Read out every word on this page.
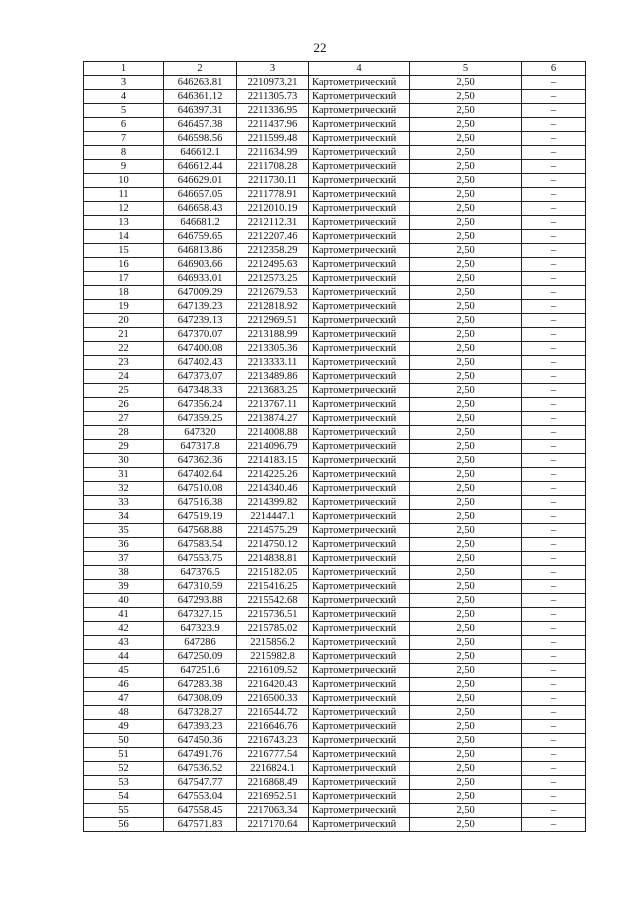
22
1	2	3	4	5	6
3	646263.81	2210973.21	Картометрический	2,50	–
4	646361.12	2211305.73	Картометрический	2,50	–
5	646397.31	2211336.95	Картометрический	2,50	–
6	646457.38	2211437.96	Картометрический	2,50	–
7	646598.56	2211599.48	Картометрический	2,50	–
8	646612.1	2211634.99	Картометрический	2,50	–
9	646612.44	2211708.28	Картометрический	2,50	–
10	646629.01	2211730.11	Картометрический	2,50	–
11	646657.05	2211778.91	Картометрический	2,50	–
12	646658.43	2212010.19	Картометрический	2,50	–
13	646681.2	2212112.31	Картометрический	2,50	–
14	646759.65	2212207.46	Картометрический	2,50	–
15	646813.86	2212358.29	Картометрический	2,50	–
16	646903.66	2212495.63	Картометрический	2,50	–
17	646933.01	2212573.25	Картометрический	2,50	–
18	647009.29	2212679.53	Картометрический	2,50	–
19	647139.23	2212818.92	Картометрический	2,50	–
20	647239.13	2212969.51	Картометрический	2,50	–
21	647370.07	2213188.99	Картометрический	2,50	–
22	647400.08	2213305.36	Картометрический	2,50	–
23	647402.43	2213333.11	Картометрический	2,50	–
24	647373.07	2213489.86	Картометрический	2,50	–
25	647348.33	2213683.25	Картометрический	2,50	–
26	647356.24	2213767.11	Картометрический	2,50	–
27	647359.25	2213874.27	Картометрический	2,50	–
28	647320	2214008.88	Картометрический	2,50	–
29	647317.8	2214096.79	Картометрический	2,50	–
30	647362.36	2214183.15	Картометрический	2,50	–
31	647402.64	2214225.26	Картометрический	2,50	–
32	647510.08	2214340.46	Картометрический	2,50	–
33	647516.38	2214399.82	Картометрический	2,50	–
34	647519.19	2214447.1	Картометрический	2,50	–
35	647568.88	2214575.29	Картометрический	2,50	–
36	647583.54	2214750.12	Картометрический	2,50	–
37	647553.75	2214838.81	Картометрический	2,50	–
38	647376.5	2215182.05	Картометрический	2,50	–
39	647310.59	2215416.25	Картометрический	2,50	–
40	647293.88	2215542.68	Картометрический	2,50	–
41	647327.15	2215736.51	Картометрический	2,50	–
42	647323.9	2215785.02	Картометрический	2,50	–
43	647286	2215856.2	Картометрический	2,50	–
44	647250.09	2215982.8	Картометрический	2,50	–
45	647251.6	2216109.52	Картометрический	2,50	–
46	647283.38	2216420.43	Картометрический	2,50	–
47	647308.09	2216500.33	Картометрический	2,50	–
48	647328.27	2216544.72	Картометрический	2,50	–
49	647393.23	2216646.76	Картометрический	2,50	–
50	647450.36	2216743.23	Картометрический	2,50	–
51	647491.76	2216777.54	Картометрический	2,50	–
52	647536.52	2216824.1	Картометрический	2,50	–
53	647547.77	2216868.49	Картометрический	2,50	–
54	647553.04	2216952.51	Картометрический	2,50	–
55	647558.45	2217063.34	Картометрический	2,50	–
56	647571.83	2217170.64	Картометрический	2,50	–
